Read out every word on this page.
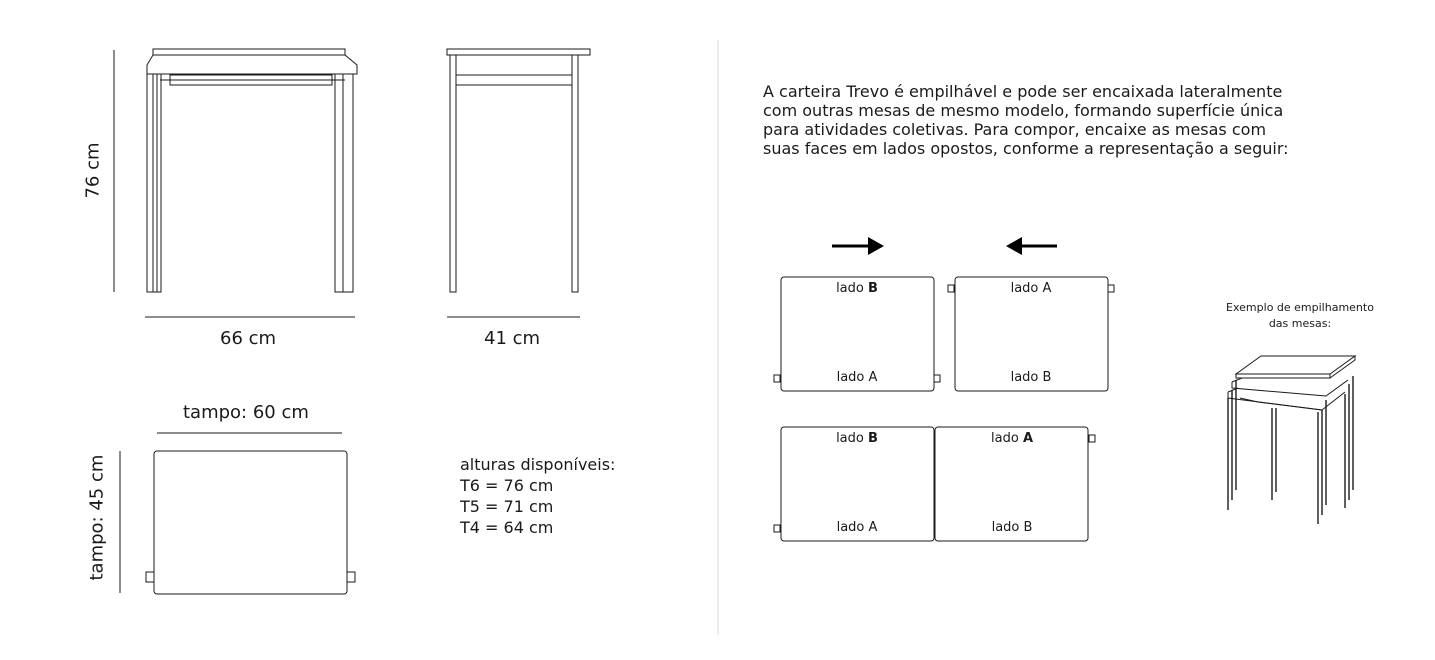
76 cm
66 cm	41 cm
tampo: 60 cm
tampo: 45 cm	alturas disponíveis:
T6 = 76 cm
T5 = 71 cm
T4 = 64 cm
A carteira Trevo é empilhável e pode ser encaixada lateralmente
com outras mesas de mesmo modelo, formando superfície única
para atividades coletivas. Para compor, encaixe as mesas com
suas faces em lados opostos, conforme a representação a seguir:
lado B
lado A
lado A
lado B
lado B	lado A
lado A	lado B
Exemplo de empilhamento
das mesas:
